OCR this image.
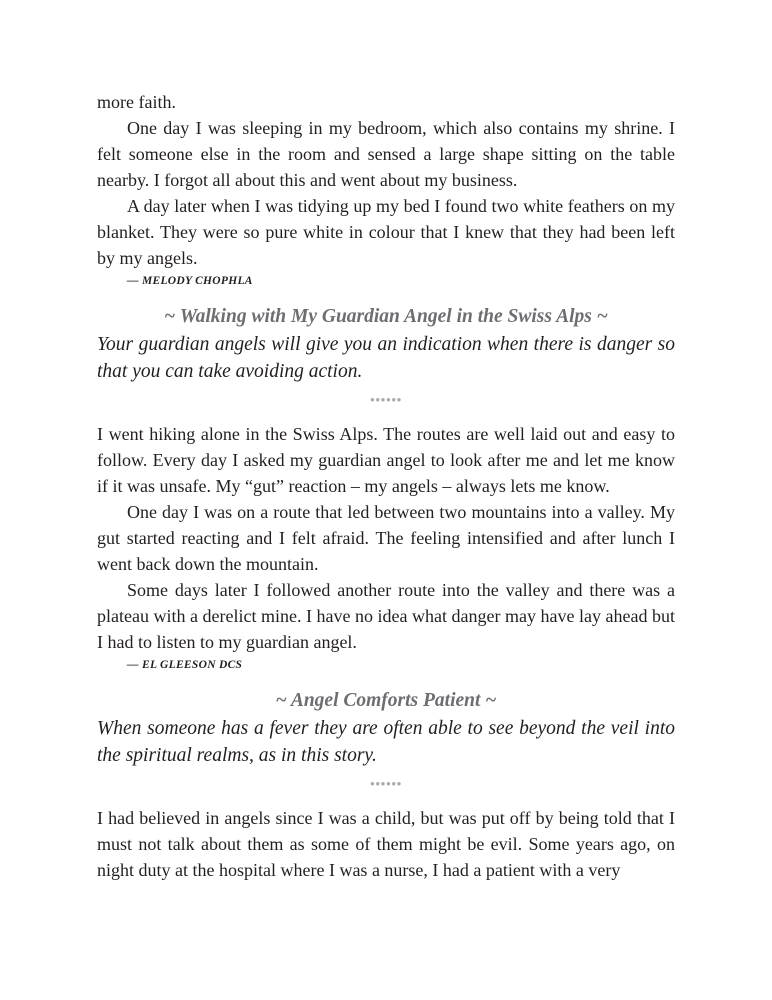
more faith.

One day I was sleeping in my bedroom, which also contains my shrine. I felt someone else in the room and sensed a large shape sitting on the table nearby. I forgot all about this and went about my business.

A day later when I was tidying up my bed I found two white feathers on my blanket. They were so pure white in colour that I knew that they had been left by my angels.

— MELODY CHOPHLA
~ Walking with My Guardian Angel in the Swiss Alps ~

Your guardian angels will give you an indication when there is danger so that you can take avoiding action.

●●●●●●

I went hiking alone in the Swiss Alps. The routes are well laid out and easy to follow. Every day I asked my guardian angel to look after me and let me know if it was unsafe. My “gut” reaction – my angels – always lets me know.

One day I was on a route that led between two mountains into a valley. My gut started reacting and I felt afraid. The feeling intensified and after lunch I went back down the mountain.

Some days later I followed another route into the valley and there was a plateau with a derelict mine. I have no idea what danger may have lay ahead but I had to listen to my guardian angel.

— EL GLEESON DCS
~ Angel Comforts Patient ~

When someone has a fever they are often able to see beyond the veil into the spiritual realms, as in this story.

●●●●●●

I had believed in angels since I was a child, but was put off by being told that I must not talk about them as some of them might be evil. Some years ago, on night duty at the hospital where I was a nurse, I had a patient with a very
